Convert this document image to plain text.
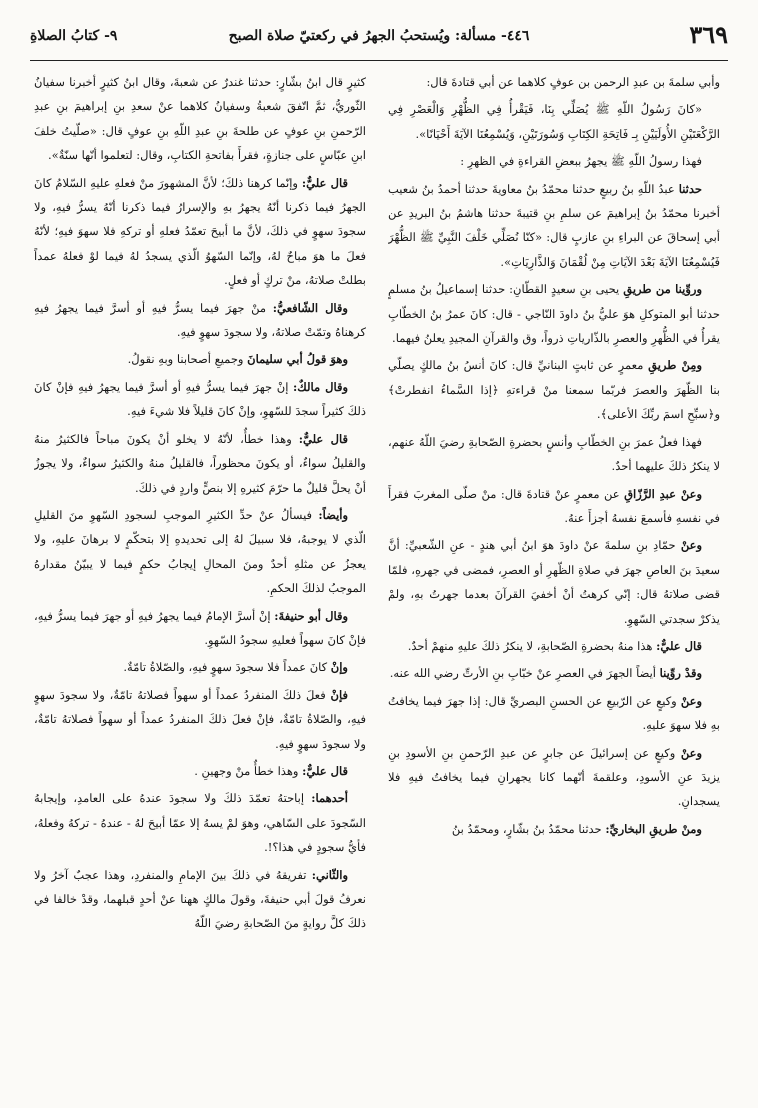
٣٦٩
٤٤٦- مسألة: ويُستحبُ الجهرُ في ركعتيّ صلاة الصبح
٩- كتابُ الصلاةِ

وأبي سلمةَ بن عبدِ الرحمن بن عوفٍ كلاهما عن أبي قتادةَ قال:

«كانَ رَسُولُ اللّهِ ﷺ يُصَلِّي بِنَا، فَيَقْرأُ فِي الظُّهْرِ وَالْعَصْرِ فِي الرَّكْعَتَيْنِ الأُولَيَيْنِ بِـ فَاتِحَةِ الكِتَابِ وَسُورَتَيْنِ، وَيُسْمِعُنَا الآيَةَ أَحْيَانًا».

فهذا رسولُ اللّهِ ﷺ يجهرُ ببعضِ القراءةِ في الظهرِ :

حدثنا عبدُ اللّهِ بنُ ربيعٍ حدثنا محمّدُ بنُ معاويةَ حدثنا أحمدُ بنُ شعيب أخبرنا محمّدُ بنُ إبراهيمَ عن سلمِ بنِ قتيبةَ حدثنا هاشمُ بنُ البريدِ عن أبي إسحاقَ عن البراءِ بنِ عازبٍ قال: «كنّا نُصَلِّي خَلْفَ النَّبِيِّ ﷺ الظُّهْرَ فَيُسْمِعُنَا الآيَةَ بَعْدَ الآيَاتِ مِنْ لُقْمَانَ وَالذَّارِيَاتِ».

وروِّينا من طريقِ يحيى بنِ سعيدٍ القطّانِ: حدثنا إسماعيلُ بنُ مسلمٍ حدثنا أبو المتوكلِ هوَ عليُّ بنُ داودَ النّاجي - قال: كانَ عمرُ بنُ الخطّابِ يقرأُ في الظُّهرِ والعصرِ بالذّارياتِ ذرواً، وق والقرآنِ المجيدِ يعلنُ فيهما.

ومِنْ طريقِ معمرٍ عن ثابتٍ البنانيِّ قال: كانَ أنسُ بنُ مالكٍ يصلّي بنا الظّهرَ والعصرَ فربّما سمعنا منْ قراءتهِ ﴿إذا السَّماءُ انفطرتْ﴾ و﴿سبِّحِ اسمَ ربِّكَ الأعلى﴾.

فهذا فعلُ عمرَ بنِ الخطّابِ وأنسٍ بحضرةِ الصّحابةِ رضيَ اللّهُ عنهم، لا ينكرُ ذلكَ عليهما أحدٌ.

وعنْ عبدِ الرَّزّاقِ عن معمرٍ عنْ قتادةَ قال: منْ صلّى المغربَ فقرأَ في نفسهِ فأسمعَ نفسهُ أجزأَ عنهُ.

وعنْ حمّادِ بنِ سلمةَ عنْ داودَ هوَ ابنُ أبي هندٍ - عنِ الشّعبيِّ: أنَّ سعيدَ بنَ العاصِ جهرَ في صلاةِ الظّهرِ أو العصرِ، فمضى في جهرهِ، فلمّا قضى صلاتهُ قال: إنّي كرهتُ أنْ أخفيَ القرآنَ بعدما جهرتُ بهِ، ولمْ يذكرْ سجدتي السّهوِ.

قال عليٌّ: هذا منهُ بحضرةِ الصّحابةِ، لا ينكرُ ذلكَ عليهِ منهمْ أحدٌ.

وقدْ روِّينا أيضاً الجهرَ في العصرِ عنْ خبّابِ بنِ الأرتِّ رضي الله عنه.

وعنْ وكيعٍ عن الرّبيعِ عن الحسنِ البصريِّ قال: إذا جهرَ فيما يخافتُ بهِ فلا سهوَ عليهِ.

وعنْ وكيعٍ عن إسرائيلَ عن جابرٍ عن عبدِ الرّحمنِ بنِ الأسودِ بنِ يزيدَ عنِ الأسودِ، وعلقمةَ أنّهما كانا يجهرانِ فيما يخافتُ فيهِ فلا يسجدانِ.

ومنْ طريقِ البخاريِّ: حدثنا محمّدُ بنُ بشّارٍ، ومحمّدُ بنُ

كثيرٍ قال ابنُ بشّارٍ: حدثنا غندرٌ عن شعبةَ، وقال ابنُ كثيرٍ أخبرنا سفيانُ الثّوريُّ، ثمَّ اتّفقَ شعبةُ وسفيانُ كلاهما عنْ سعدِ بنِ إبراهيمَ بنِ عبدِ الرّحمنِ بنِ عوفٍ عن طلحةَ بنِ عبدِ اللّهِ بنِ عوفٍ قال: «صلّيتُ خلفَ ابنِ عبّاسٍ على جنازةٍ، فقرأَ بفاتحةِ الكتابِ، وقال: لتعلموا أنّها سنّةٌ».

قال عليٌّ: وإنّما كرهنا ذلكَ؛ لأنَّ المشهورَ منْ فعلهِ عليهِ السّلامُ كانَ الجهرُ فيما ذكرنا أنّهُ يجهرُ بهِ والإسرارُ فيما ذكرنا أنّهُ يسرُّ فيهِ، ولا سجودَ سهوٍ في ذلكَ، لأنَّ ما أبيحَ تعمّدُ فعلهِ أو تركهِ فلا سهوَ فيهِ؛ لأنّهُ فعلَ ما هوَ مباحٌ لهُ، وإنّما السّهوُ الّذي يسجدُ لهُ فيما لوْ فعلهُ عمداً بطلتْ صلاتهُ، منْ تركٍ أو فعلٍ.

وقال الشّافعيُّ: منْ جهرَ فيما يسرُّ فيهِ أو أسرَّ فيما يجهرُ فيهِ كرهناهُ وتمّتْ صلاتهُ، ولا سجودَ سهوٍ فيهِ.

وهوَ قولُ أبي سليمانَ وجميعِ أصحابنا وبهِ نقولُ.

وقال مالكٌ: إنْ جهرَ فيما يسرُّ فيهِ أو أسرَّ فيما يجهرُ فيهِ فإنْ كانَ ذلكَ كثيراً سجدَ للسّهوِ، وإنْ كانَ قليلاً فلا شيءَ فيهِ.

قال عليٌّ: وهذا خطأٌ، لأنّهُ لا يخلو أنْ يكونَ مباحاً فالكثيرُ منهُ والقليلُ سواءٌ، أو يكونَ محظوراً، فالقليلُ منهُ والكثيرُ سواءٌ، ولا يجوزُ أنْ يحلَّ قليلٌ ما حرّمَ كثيرهِ إلا بنصٍّ واردٍ في ذلكَ.

وأيضاً: فيسألُ عنْ حدِّ الكثيرِ الموجبِ لسجودِ السّهوِ منَ القليلِ الّذي لا يوجبهُ، فلا سبيلَ لهُ إلى تحديدهِ إلا بتحكّمٍ لا برهانَ عليهِ، ولا يعجزُ عن مثلهِ أحدٌ ومنَ المحالِ إيجابُ حكمٍ فيما لا يبيّنُ مقدارهُ الموجبُ لذلكَ الحكمِ.

وقال أبو حنيفةَ: إنْ أسرَّ الإمامُ فيما يجهرُ فيهِ أو جهرَ فيما يسرُّ فيهِ، فإنْ كانَ سهواً فعليهِ سجودُ السّهوِ.

وإنْ كانَ عمداً فلا سجودَ سهوٍ فيهِ، والصّلاةُ تامّةٌ.

فإنْ فعلَ ذلكَ المنفردُ عمداً أو سهواً فصلاتهُ تامّةٌ، ولا سجودَ سهوٍ فيهِ، والصّلاةُ تامّةٌ، فإنْ فعلَ ذلكَ المنفردُ عمداً أو سهواً فصلاتهُ تامّةٌ، ولا سجودَ سهوٍ فيهِ.

قال عليٌّ: وهذا خطأٌ منْ وجهينِ .

أحدهما: إباحتهُ تعمّدَ ذلكَ ولا سجودَ عندهُ على العامدِ، وإيجابهُ السّجودَ على السّاهي، وهوَ لمْ يسهُ إلا عمّا أبيحَ لهُ - عندهُ - تركهُ وفعلهُ، فأيُّ سجودٍ في هذا؟!.

والثّاني: تفريقهُ في ذلكَ بينَ الإمامِ والمنفردِ، وهذا عجبٌ آخرُ ولا نعرفُ قولَ أبي حنيفةَ، وقولَ مالكٍ ههنا عنْ أحدٍ قبلهما، وقدْ خالفا في ذلكَ كلَّ روايةٍ منَ الصّحابةِ رضيَ اللّهُ
